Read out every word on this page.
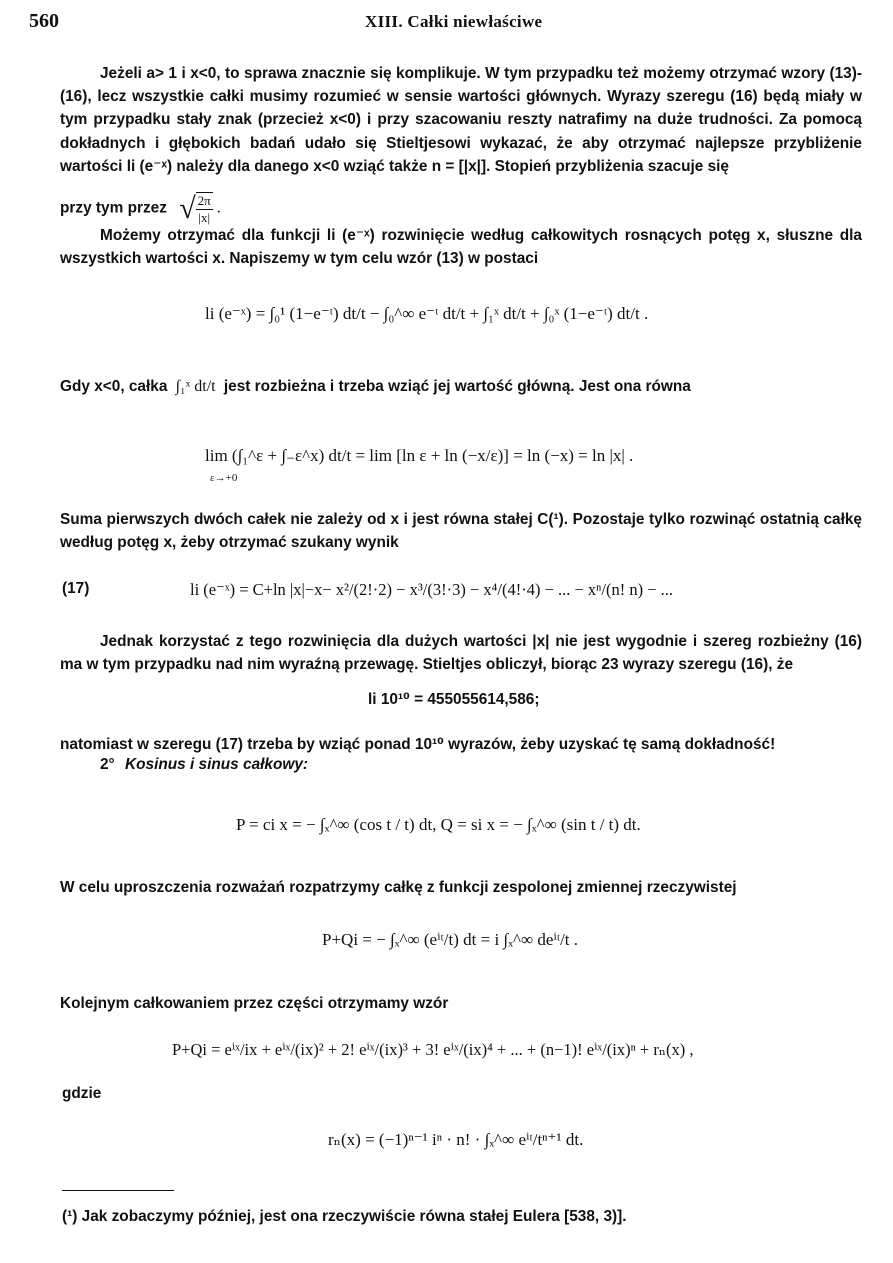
560	XIII. Całki niewłaściwe
Jeżeli a> 1 i x<0, to sprawa znacznie się komplikuje. W tym przypadku też możemy otrzymać wzory (13)-(16), lecz wszystkie całki musimy rozumieć w sensie wartości głównych. Wyrazy szeregu (16) będą miały w tym przypadku stały znak (przecież x<0) i przy szacowaniu reszty natrafimy na duże trudności. Za pomocą dokładnych i głębokich badań udało się Stieltjesowi wykazać, że aby otrzymać najlepsze przybliżenie wartości li (e⁻ˣ) należy dla danego x<0 wziąć także n = [|x|]. Stopień przybliżenia szacuje się
przy tym przez √ $\frac{2\pi}{|x|}$ .
Możemy otrzymać dla funkcji li (e⁻ˣ) rozwinięcie według całkowitych rosnących potęg x, słuszne dla wszystkich wartości x. Napiszemy w tym celu wzór (13) w postaci
li (e⁻ˣ) = ∫₀¹ (1−e⁻ᵗ) dt/t − ∫₀^∞ e⁻ᵗ dt/t + ∫₁ˣ dt/t + ∫₀ˣ (1−e⁻ᵗ) dt/t .
Gdy x<0, całka ∫₁ˣ dt/t jest rozbieżna i trzeba wziąć jej wartość główną. Jest ona równa
lim (∫₁^ε + ∫₋ε^x) dt/t = lim [ln ε + ln (−x/ε)] = ln (−x) = ln |x| .
ε→+0
Suma pierwszych dwóch całek nie zależy od x i jest równa stałej C(¹). Pozostaje tylko rozwinąć ostatnią całkę według potęg x, żeby otrzymać szukany wynik
(17)	li (e⁻ˣ) = C+ln |x|−x− x²/(2!·2) − x³/(3!·3) − x⁴/(4!·4) − ... − xⁿ/(n! n) − ...
Jednak korzystać z tego rozwinięcia dla dużych wartości |x| nie jest wygodnie i szereg rozbieżny (16) ma w tym przypadku nad nim wyraźną przewagę. Stieltjes obliczył, biorąc 23 wyrazy szeregu (16), że
li 10¹⁰ = 455055614,586;
natomiast w szeregu (17) trzeba by wziąć ponad 10¹⁰ wyrazów, żeby uzyskać tę samą dokładność!
2° Kosinus i sinus całkowy:
P = ci x = − ∫ₓ^∞ (cos t / t) dt, Q = si x = − ∫ₓ^∞ (sin t / t) dt.
W celu uproszczenia rozważań rozpatrzymy całkę z funkcji zespolonej zmiennej rzeczywistej
P+Qi = − ∫ₓ^∞ (eⁱᵗ/t) dt = i ∫ₓ^∞ deⁱᵗ/t .
Kolejnym całkowaniem przez części otrzymamy wzór
P+Qi = eⁱˣ/ix + eⁱˣ/(ix)² + 2! eⁱˣ/(ix)³ + 3! eⁱˣ/(ix)⁴ + ... + (n−1)! eⁱˣ/(ix)ⁿ + rₙ(x) ,
gdzie
rₙ(x) = (−1)ⁿ⁻¹ iⁿ · n! · ∫ₓ^∞ eⁱᵗ/tⁿ⁺¹ dt.
(¹) Jak zobaczymy później, jest ona rzeczywiście równa stałej Eulera [538, 3)].
